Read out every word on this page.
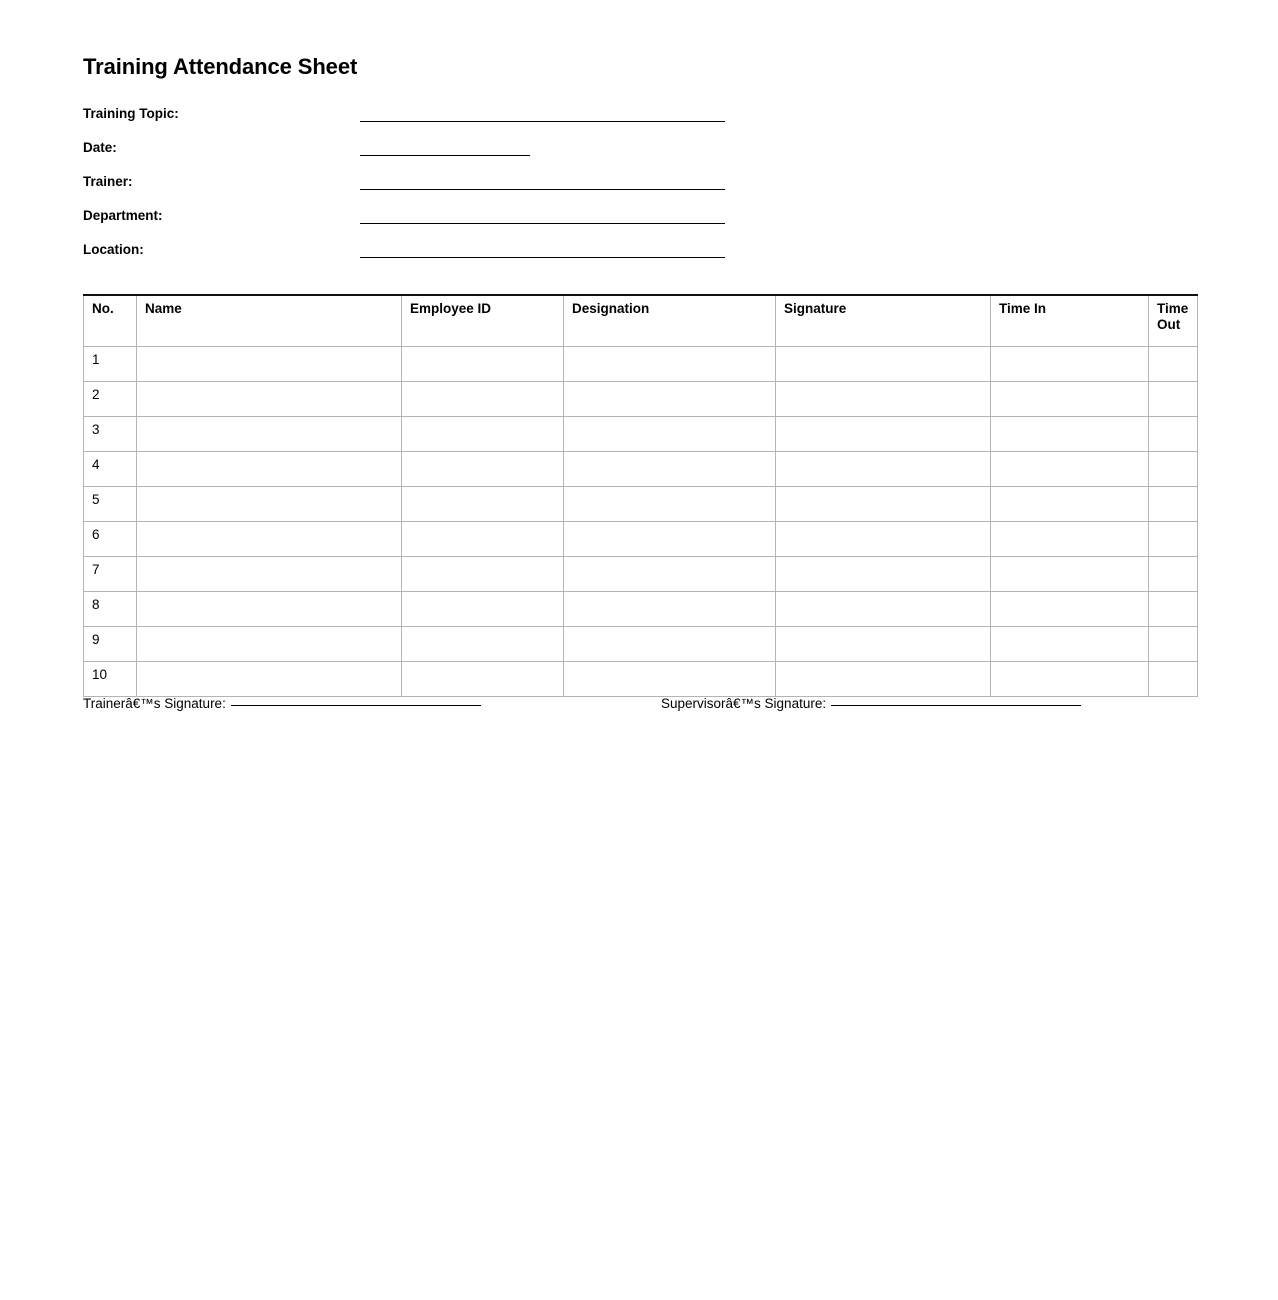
Training Attendance Sheet
Training Topic:
Date:
Trainer:
Department:
Location:
No.	Name	Employee ID	Designation	Signature	Time In	Time Out
1						
2						
3						
4						
5						
6						
7						
8						
9						
10						
Trainerâ€™s Signature:	Supervisorâ€™s Signature:
